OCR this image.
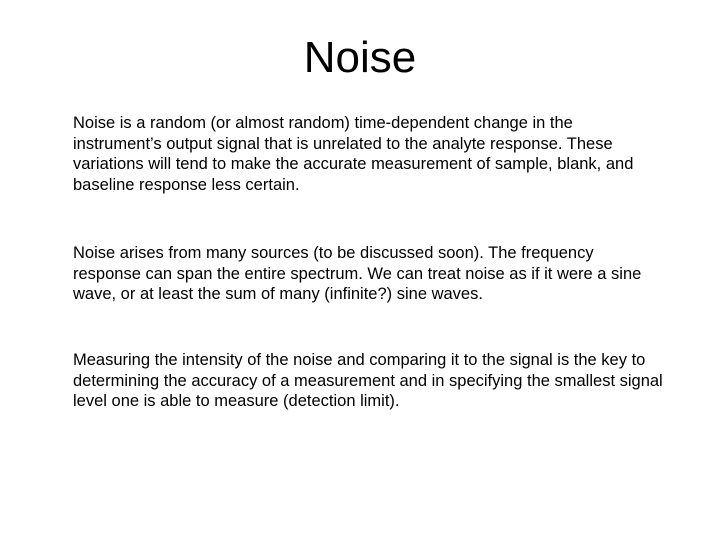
Noise

Noise is a random (or almost random) time-dependent change in the instrument’s output signal that is unrelated to the analyte response. These variations will tend to make the accurate measurement of sample, blank, and baseline response less certain.

Noise arises from many sources (to be discussed soon). The frequency response can span the entire spectrum. We can treat noise as if it were a sine wave, or at least the sum of many (infinite?) sine waves.

Measuring the intensity of the noise and comparing it to the signal is the key to determining the accuracy of a measurement and in specifying the smallest signal level one is able to measure (detection limit).
